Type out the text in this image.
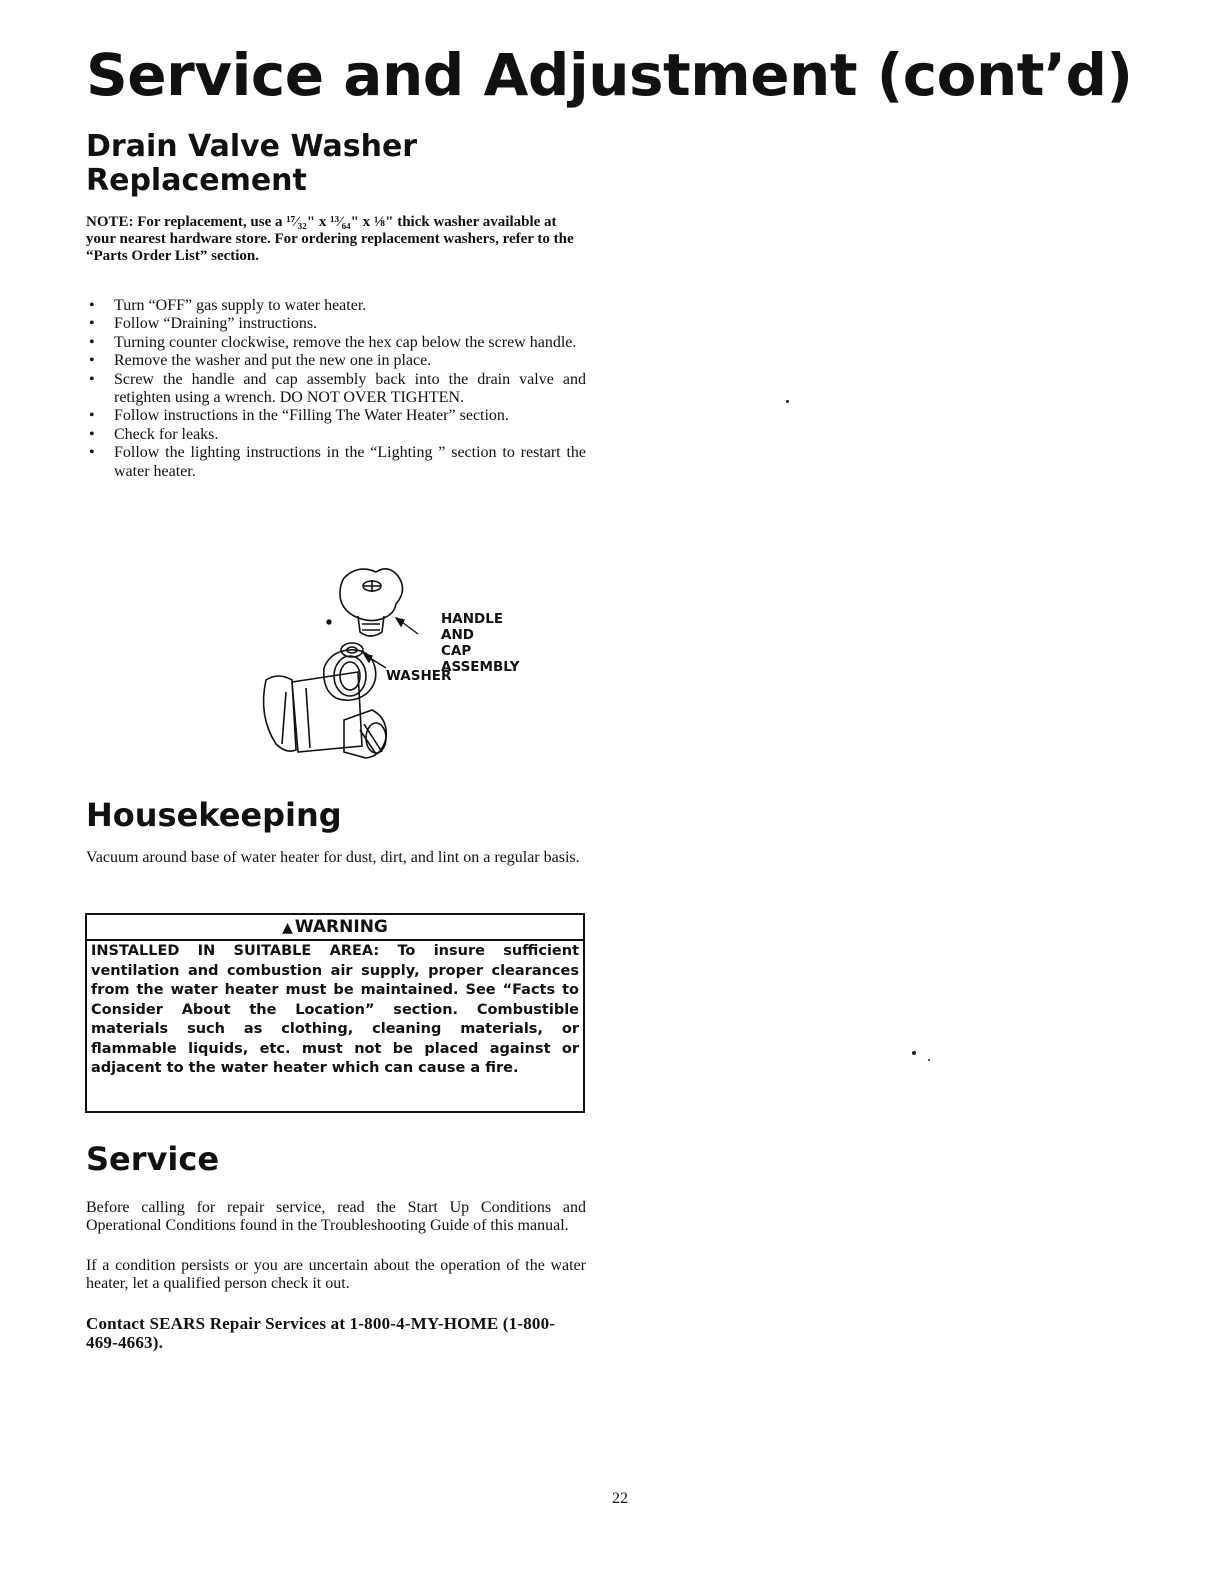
Service and Adjustment (cont’d)
Drain Valve Washer Replacement

NOTE: For replacement, use a ¹⁷⁄₃₂" x ¹³⁄₆₄" x ⅛" thick washer available at your nearest hardware store. For ordering replacement washers, refer to the “Parts Order List” section.

• Turn “OFF” gas supply to water heater.
• Follow “Draining” instructions.
• Turning counter clockwise, remove the hex cap below the screw handle.
• Remove the washer and put the new one in place.
• Screw the handle and cap assembly back into the drain valve and retighten using a wrench. DO NOT OVER TIGHTEN.
• Follow instructions in the “Filling The Water Heater” section.
• Check for leaks.
• Follow the lighting instructions in the “Lighting ” section to restart the water heater.

HANDLE AND CAP ASSEMBLY

WASHER

Housekeeping

Vacuum around base of water heater for dust, dirt, and lint on a regular basis.

▲ WARNING

INSTALLED IN SUITABLE AREA: To insure sufficient ventilation and combustion air supply, proper clearances from the water heater must be maintained. See “Facts to Consider About the Location” section. Combustible materials such as clothing, cleaning materials, or flammable liquids, etc. must not be placed against or adjacent to the water heater which can cause a fire.

Service

Before calling for repair service, read the Start Up Conditions and Operational Conditions found in the Troubleshooting Guide of this manual.

If a condition persists or you are uncertain about the operation of the water heater, let a qualified person check it out.

Contact SEARS Repair Services at 1-800-4-MY-HOME (1-800-469-4663).

22
